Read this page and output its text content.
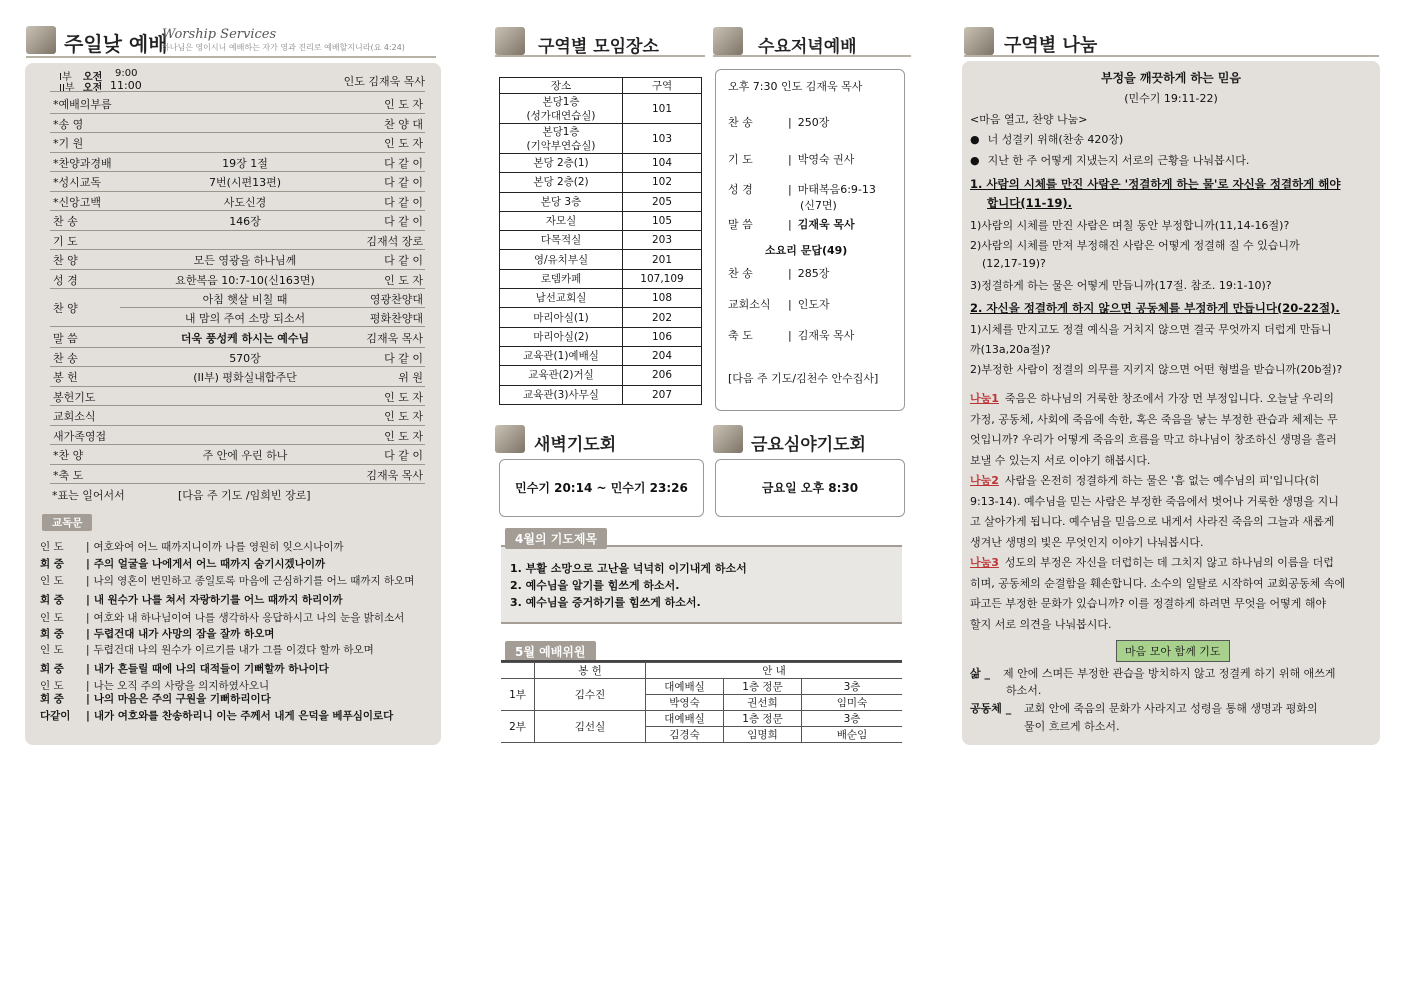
주일낮 예배
Worship Services
하나님은 영이시니 예배하는 자가 영과 진리로 예배할지니라(요 4:24)
I부 오전 9:00
II부 오전 11:00	인도 김재욱 목사
*예배의부름	인 도 자
*송 영	찬 양 대
*기 원	인 도 자
*찬양과경배	19장 1절	다 같 이
*성시교독	7번(시편13편)	다 같 이
*신앙고백	사도신경	다 같 이
찬 송	146장	다 같 이
기 도	김재석 장로
찬 양	모든 영광을 하나님께	다 같 이
성 경	요한복음 10:7-10(신163면)	인 도 자
찬 양
아침 햇살 비칠 때	영광찬양대
내 맘의 주여 소망 되소서	평화찬양대
말 씀	더욱 풍성케 하시는 예수님	김재욱 목사
찬 송	570장	다 같 이
봉 헌	(II부) 평화실내합주단	위 원
봉헌기도	인 도 자
교회소식	인 도 자
새가족영접	인 도 자
*찬 양	주 안에 우린 하나	다 같 이
*축 도	김재욱 목사
*표는 일어서서	[다음 주 기도 /임희빈 장로]
교독문
인 도 | 여호와여 어느 때까지니이까 나를 영원히 잊으시나이까
회 중 | 주의 얼굴을 나에게서 어느 때까지 숨기시겠나이까
인 도 | 나의 영혼이 번민하고 종일토록 마음에 근심하기를 어느 때까지 하오며
회 중 | 내 원수가 나를 쳐서 자랑하기를 어느 때까지 하리이까
인 도 | 여호와 내 하나님이여 나를 생각하사 응답하시고 나의 눈을 밝히소서
회 중 | 두렵건대 내가 사망의 잠을 잘까 하오며
인 도 | 두렵건대 나의 원수가 이르기를 내가 그를 이겼다 할까 하오며
회 중 | 내가 흔들릴 때에 나의 대적들이 기뻐할까 하나이다
인 도 | 나는 오직 주의 사랑을 의지하였사오니
회 중 | 나의 마음은 주의 구원을 기뻐하리이다
다같이 | 내가 여호와를 찬송하리니 이는 주께서 내게 은덕을 베푸심이로다
구역별 모임장소	수요저녁예배
장소	구역
본당1층
(성가대연습실)	101
본당1층
(기악부연습실)	103
본당 2층(1)	104
본당 2층(2)	102
본당 3층	205
자모실	105
다목적실	203
영/유치부실	201
로뎀카페	107,109
남선교회실	108
마리아실(1)	202
마리아실(2)	106
교육관(1)예배실	204
교육관(2)거실	206
교육관(3)사무실	207
오후 7:30 인도 김재욱 목사
찬 송	| 250장
기 도	| 박영숙 권사
성 경	| 마태복음6:9-13
(신7면)
말 씀	| 김재욱 목사
소요리 문답(49)
찬 송	| 285장
교회소식 | 인도자
축 도	| 김재욱 목사
[다음 주 기도/김천수 안수집사]
새벽기도회	금요심야기도회
민수기 20:14 ~ 민수기 23:26	금요일 오후 8:30
4월의 기도제목
1. 부활 소망으로 고난을 넉넉히 이기내게 하소서
2. 예수님을 알기를 힘쓰게 하소서.
3. 예수님을 증거하기를 힘쓰게 하소서.
5월 예배위원
	봉 헌	안 내		
1부	김수진	대예배실	1층 정문	3층
		박영숙	권선희	임미숙
2부	김선실	대예배실	1층 정문	3층
		김경숙	임명희	배순임
구역별 나눔
부정을 깨끗하게 하는 믿음
(민수기 19:11-22)
<마음 열고, 찬양 나눔>
● 너 성결키 위해(찬송 420장)
● 지난 한 주 어떻게 지냈는지 서로의 근황을 나눠봅시다.
1. 사람의 시체를 만진 사람은 '정결하게 하는 물'로 자신을 정결하게 해야
합니다(11-19).
1)사람의 시체를 만진 사람은 며칠 동안 부정합니까(11,14-16절)?
2)사람의 시체를 만져 부정해진 사람은 어떻게 정결해 질 수 있습니까
(12,17-19)?
3)정결하게 하는 물은 어떻게 만듭니까(17절. 참조. 19:1-10)?
2. 자신을 정결하게 하지 않으면 공동체를 부정하게 만듭니다(20-22절).
1)시체를 만지고도 정결 예식을 거치지 않으면 결국 무엇까지 더럽게 만듭니
까(13a,20a절)?
2)부정한 사람이 정결의 의무를 지키지 않으면 어떤 형벌을 받습니까(20b절)?
나눔1 죽음은 하나님의 거룩한 창조에서 가장 먼 부정입니다. 오늘날 우리의
가정, 공동체, 사회에 죽음에 속한, 혹은 죽음을 낳는 부정한 관습과 체제는 무
엇입니까? 우리가 어떻게 죽음의 흐름을 막고 하나님이 창조하신 생명을 흘러
보낼 수 있는지 서로 이야기 해봅시다.
나눔2 사람을 온전히 정결하게 하는 물은 '흠 없는 예수님의 피'입니다(히
9:13-14). 예수님을 믿는 사람은 부정한 죽음에서 벗어나 거룩한 생명을 지니
고 살아가게 됩니다. 예수님을 믿음으로 내게서 사라진 죽음의 그늘과 새롭게
생겨난 생명의 빛은 무엇인지 이야기 나눠봅시다.
나눔3 성도의 부정은 자신을 더럽히는 데 그치지 않고 하나님의 이름을 더럽
히며, 공동체의 순결함을 훼손합니다. 소수의 일탈로 시작하여 교회공동체 속에
파고든 부정한 문화가 있습니까? 이를 정결하게 하려면 무엇을 어떻게 해야
할지 서로 의견을 나눠봅시다.
마음 모아 함께 기도
삶 _ 제 안에 스며든 부정한 관습을 방치하지 않고 정결케 하기 위해 애쓰게
하소서.
공동체 _ 교회 안에 죽음의 문화가 사라지고 성령을 통해 생명과 평화의
물이 흐르게 하소서.
